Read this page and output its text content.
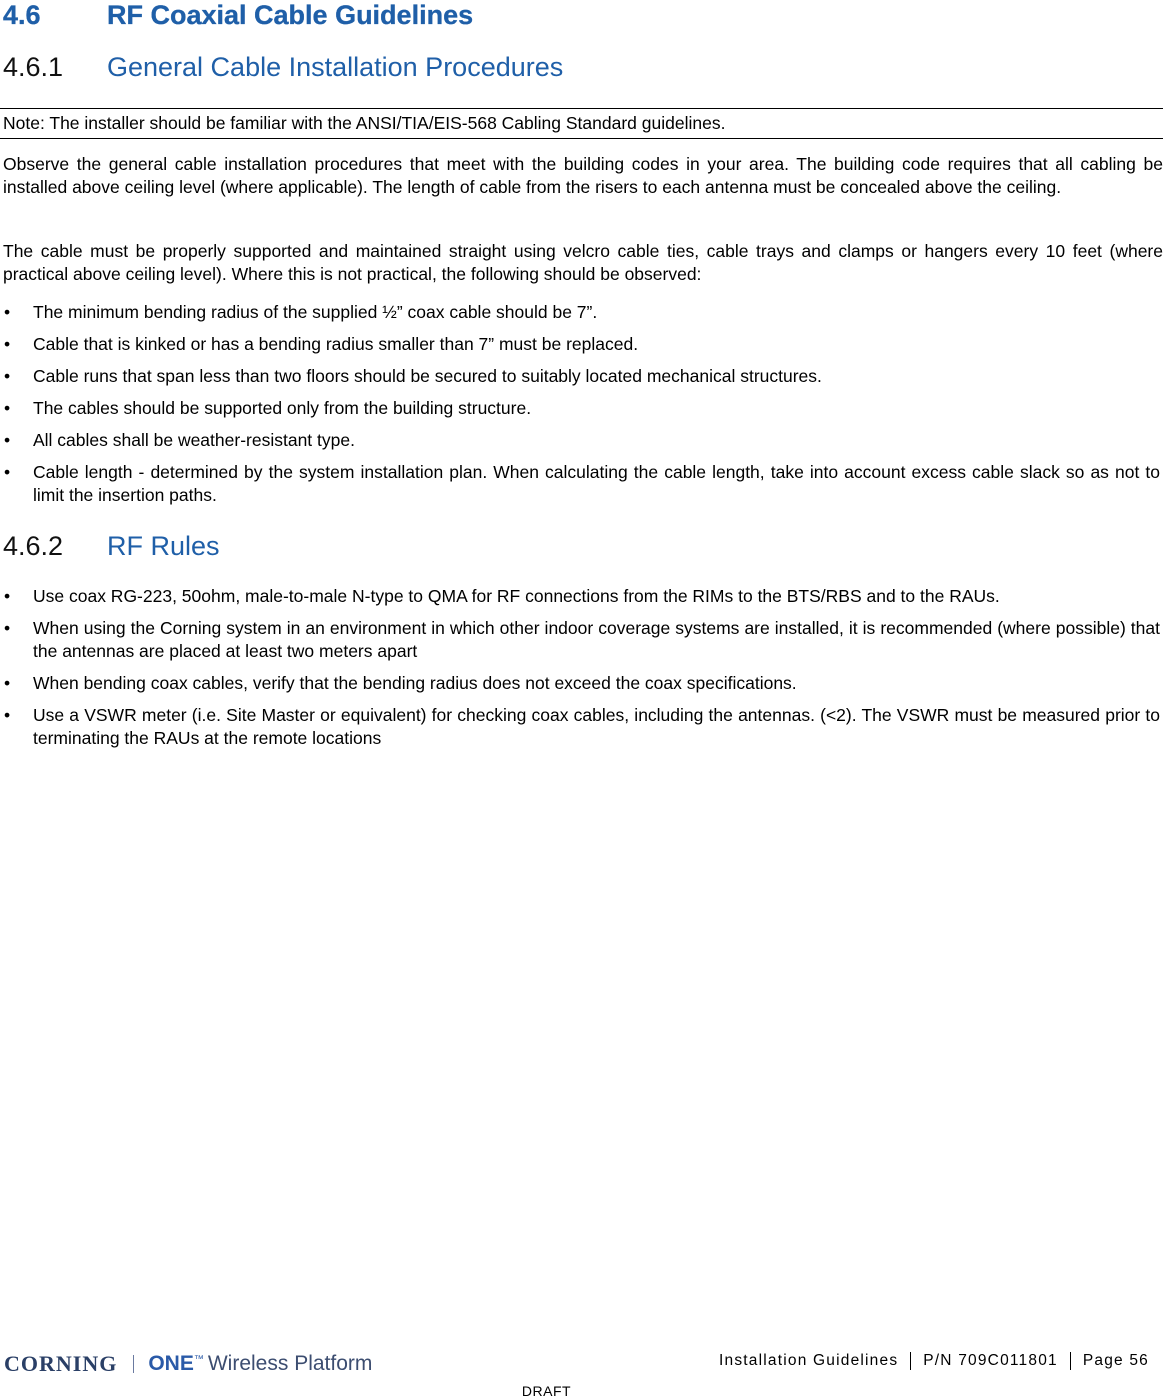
4.6 RF Coaxial Cable Guidelines
4.6.1 General Cable Installation Procedures
Note: The installer should be familiar with the ANSI/TIA/EIS-568 Cabling Standard guidelines.

Observe the general cable installation procedures that meet with the building codes in your area. The building code requires that all cabling be installed above ceiling level (where applicable). The length of cable from the risers to each antenna must be concealed above the ceiling.

The cable must be properly supported and maintained straight using velcro cable ties, cable trays and clamps or hangers every 10 feet (where practical above ceiling level). Where this is not practical, the following should be observed:

•	The minimum bending radius of the supplied ½” coax cable should be 7”.
•	Cable that is kinked or has a bending radius smaller than 7” must be replaced.
•	Cable runs that span less than two floors should be secured to suitably located mechanical structures.
•	The cables should be supported only from the building structure.
•	All cables shall be weather-resistant type.
•	Cable length - determined by the system installation plan. When calculating the cable length, take into account excess cable slack so as not to limit the insertion paths.
4.6.2 RF Rules
•	Use coax RG-223, 50ohm, male-to-male N-type to QMA for RF connections from the RIMs to the BTS/RBS and to the RAUs.
•	When using the Corning system in an environment in which other indoor coverage systems are installed, it is recommended (where possible) that the antennas are placed at least two meters apart
•	When bending coax cables, verify that the bending radius does not exceed the coax specifications.
•	Use a VSWR meter (i.e. Site Master or equivalent) for checking coax cables, including the antennas. (<2). The VSWR must be measured prior to terminating the RAUs at the remote locations
CORNING ONE™ Wireless Platform	Installation Guidelines	P/N 709C011801	Page 56
DRAFT
